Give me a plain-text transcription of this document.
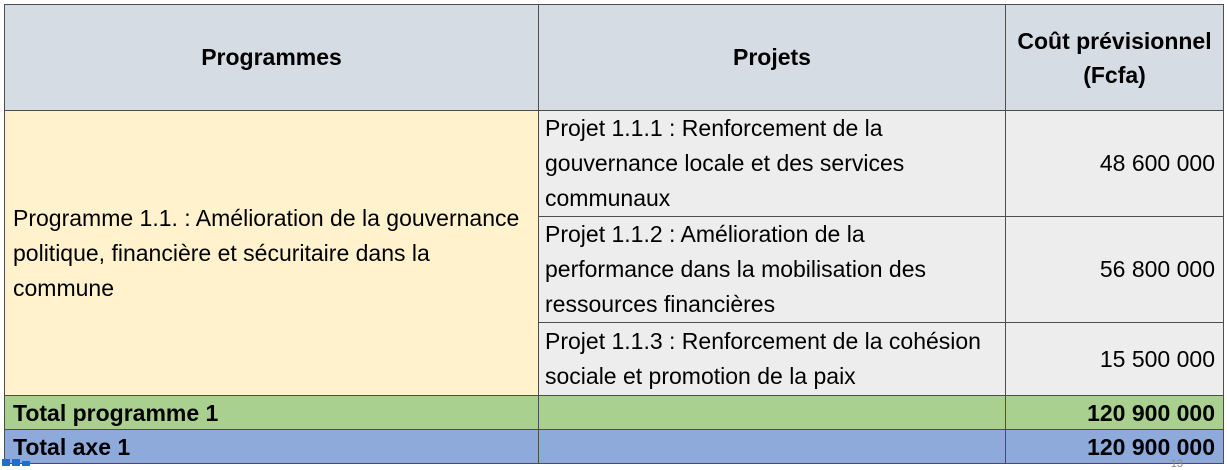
Programmes	Projets	Coût prévisionnel (Fcfa)
Programme 1.1. : Amélioration de la gouvernance politique, financière et sécuritaire dans la commune	Projet 1.1.1 : Renforcement de la gouvernance locale et des services communaux	48 600 000
	Projet 1.1.2 : Amélioration de la performance dans la mobilisation des ressources financières	56 800 000
	Projet 1.1.3 : Renforcement de la cohésion sociale et promotion de la paix	15 500 000
Total programme 1		120 900 000
Total axe 1		120 900 000
13
